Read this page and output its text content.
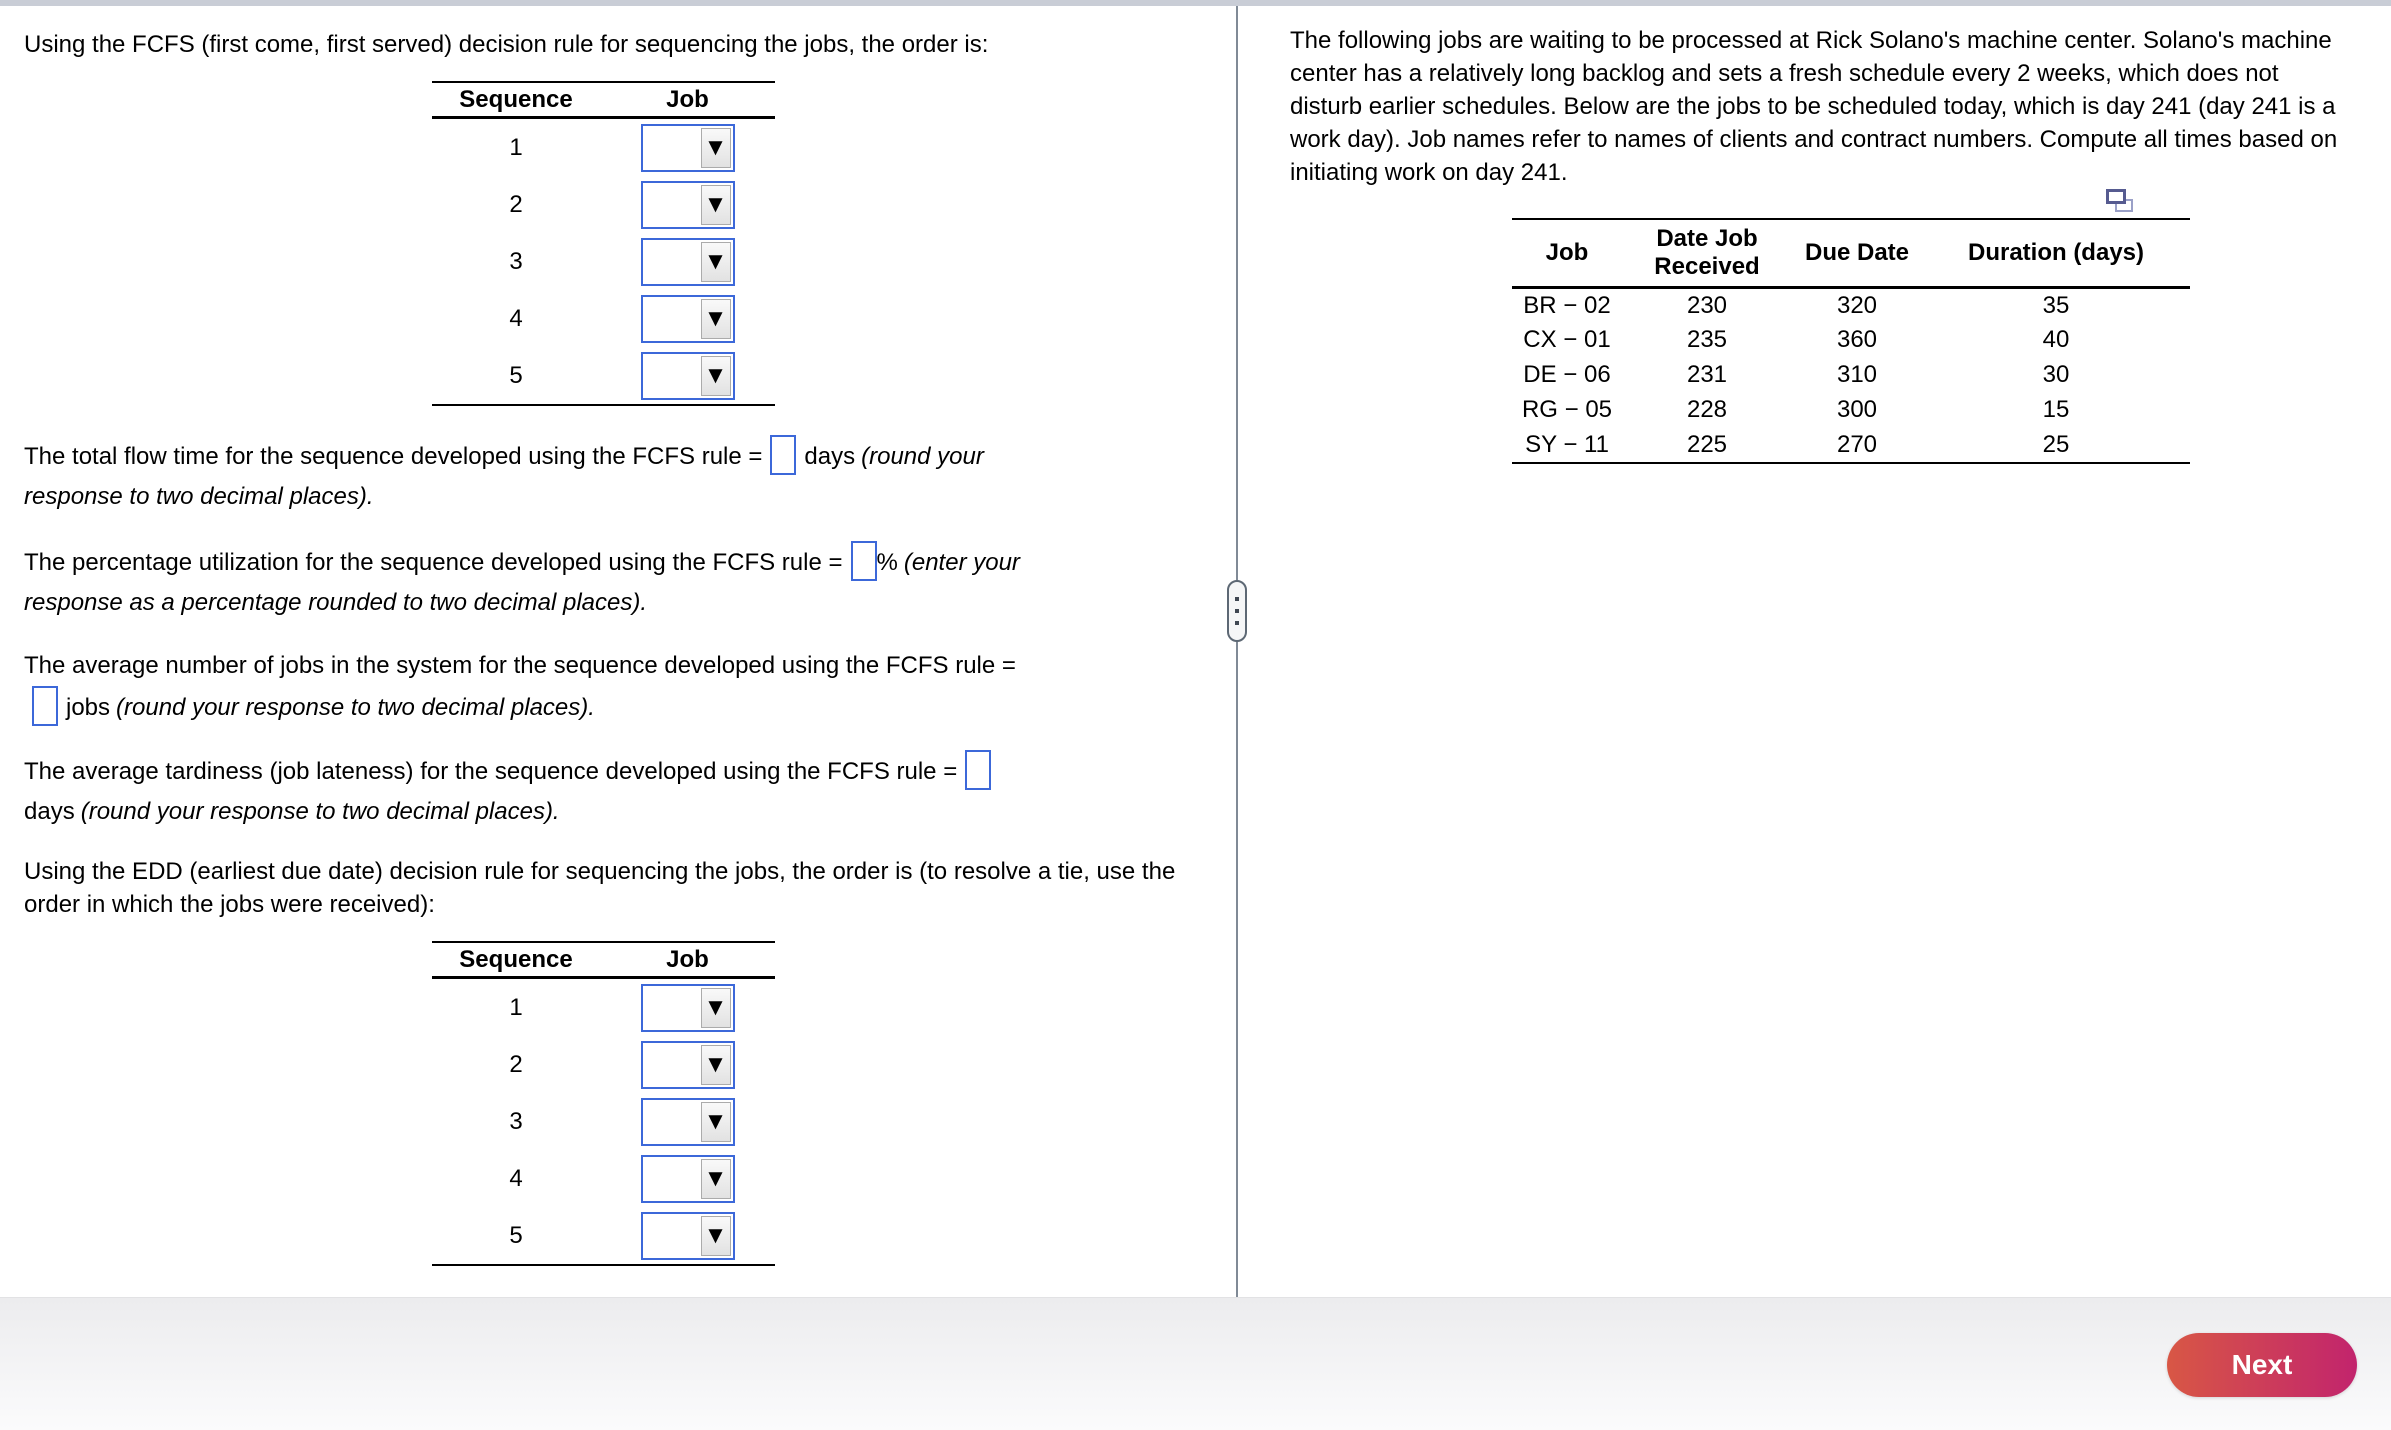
Using the FCFS (first come, first served) decision rule for sequencing the jobs, the order is:

Sequence	Job
1	▼
2	▼
3	▼
4	▼
5	▼

The total flow time for the sequence developed using the FCFS rule = days (round your response to two decimal places).

The percentage utilization for the sequence developed using the FCFS rule = % (enter your response as a percentage rounded to two decimal places).

The average number of jobs in the system for the sequence developed using the FCFS rule =jobs (round your response to two decimal places).

The average tardiness (job lateness) for the sequence developed using the FCFS rule =days (round your response to two decimal places).

Using the EDD (earliest due date) decision rule for sequencing the jobs, the order is (to resolve a tie, use the order in which the jobs were received):

Sequence	Job
1	▼
2	▼
3	▼
4	▼
5	▼

The following jobs are waiting to be processed at Rick Solano's machine center. Solano's machine center has a relatively long backlog and sets a fresh schedule every 2 weeks, which does not disturb earlier schedules. Below are the jobs to be scheduled today, which is day 241 (day 241 is a work day). Job names refer to names of clients and contract numbers. Compute all times based on initiating work on day 241.

Job	Date Job Received	Due Date	Duration (days)
BR − 02	230	320	35
CX − 01	235	360	40
DE − 06	231	310	30
RG − 05	228	300	15
SY − 11	225	270	25
Next
